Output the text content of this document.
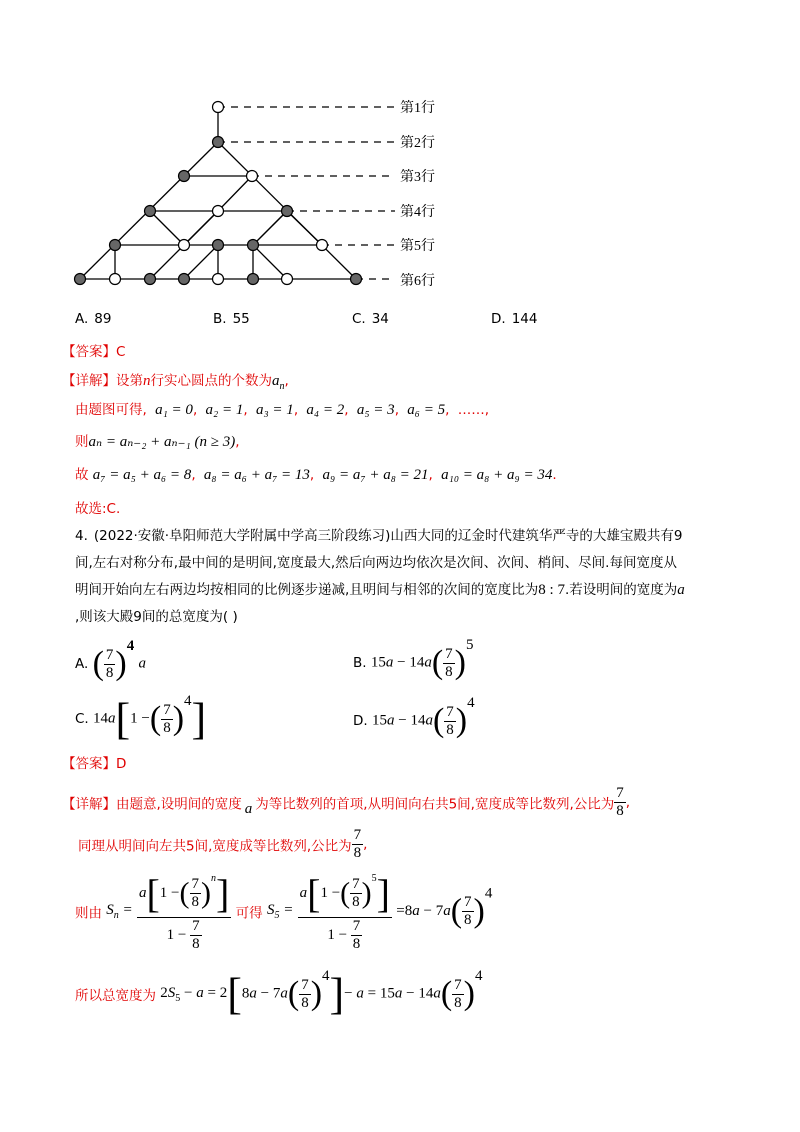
第1行
第2行
第3行
第4行
第5行
第6行
A. 89	B. 55	C. 34	D. 144
【答案】C
【详解】设第n行实心圆点的个数为$a_n$,
由题图可得, a₁ = 0, a₂ = 1, a₃ = 1, a₄ = 2, a₅ = 3, a₆ = 5, ……,
则aₙ = aₙ₋₂ + aₙ₋₁ (n ≥ 3),
故 a₇ = a₅ + a₆ = 8, a₈ = a₆ + a₇ = 13, a₉ = a₇ + a₈ = 21, a₁₀ = a₈ + a₉ = 34.
故选:C.
4. (2022·安徽·阜阳师范大学附属中学高三阶段练习)山西大同的辽金时代建筑华严寺的大雄宝殿共有9
间,左右对称分布,最中间的是明间,宽度最大,然后向两边均依次是次间、次间、梢间、尽间.每间宽度从
明间开始向左右两边均按相同的比例逐步递减,且明间与相邻的次间的宽度比为8 : 7.若设明间的宽度为a
,则该大殿9间的总宽度为( )
A. ( $\frac{7}{8} )^4$ a	B. $15a - 14a( \frac{7}{8} )^5$
C. 14a[1 −( $\frac{7}{8} )^4$]	D. $15a - 14a( \frac{7}{8} )^4$
【答案】D
【详解】由题意,设明间的宽度 a 为等比数列的首项,从明间向右共5间,宽度成等比数列,公比为 $\frac{7}{8}$ ,
同理从明间向左共5间,宽度成等比数列,公比为 $\frac{7}{8}$ ,
则由 $S_n = \frac{a[1 -( \frac{7}{8} )^n]}{1 - \frac{7}{8}}$ 可得 $S_5 = \frac{a[1 -( \frac{7}{8} )^5]}{1 - \frac{7}{8}} =8a - 7a( \frac{7}{8} )^4$
所以总宽度为 $2S_5 - a = 2[8a - 7a( \frac{7}{8} )^4]- a = 15a - 14a( \frac{7}{8} )^4$
